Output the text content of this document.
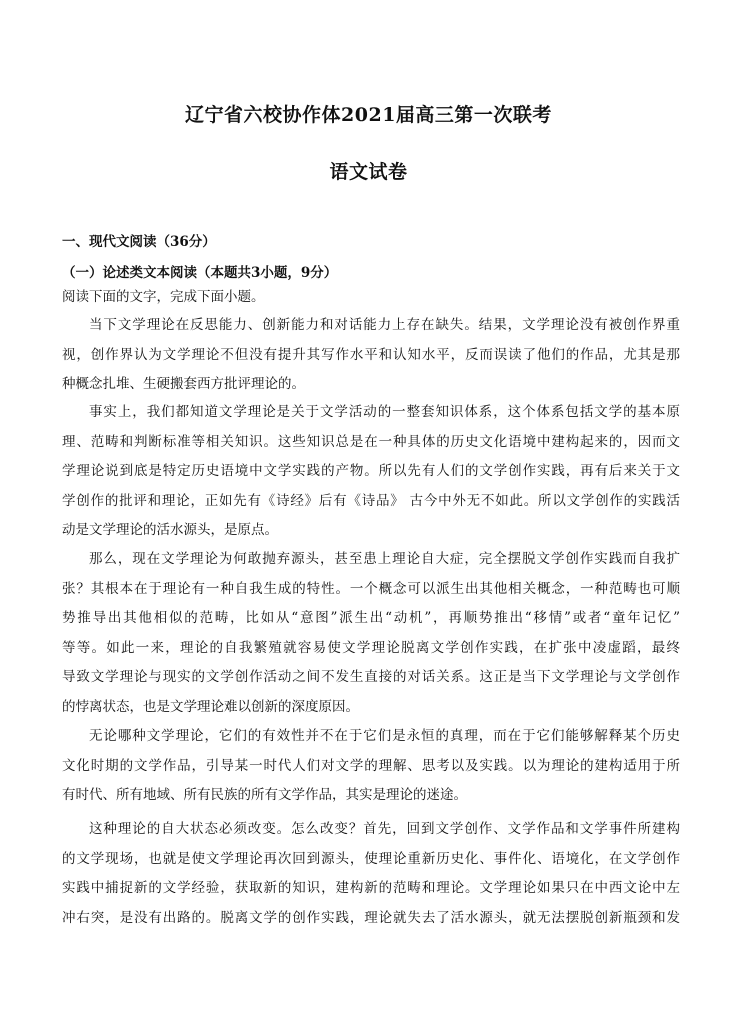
辽宁省六校协作体2021届高三第一次联考
语文试卷
一、现代文阅读（36分）
（一）论述类文本阅读（本题共3小题，9分）
阅读下面的文字，完成下面小题。
当下文学理论在反思能力、创新能力和对话能力上存在缺失。结果，文学理论没有被创作界重
视，创作界认为文学理论不但没有提升其写作水平和认知水平，反而误读了他们的作品，尤其是那
种概念扎堆、生硬搬套西方批评理论的。
事实上，我们都知道文学理论是关于文学活动的一整套知识体系，这个体系包括文学的基本原
理、范畴和判断标准等相关知识。这些知识总是在一种具体的历史文化语境中建构起来的，因而文
学理论说到底是特定历史语境中文学实践的产物。所以先有人们的文学创作实践，再有后来关于文
学创作的批评和理论，正如先有《诗经》后有《诗品》 古今中外无不如此。所以文学创作的实践活
动是文学理论的活水源头，是原点。
那么，现在文学理论为何敢抛弃源头，甚至患上理论自大症，完全摆脱文学创作实践而自我扩
张？其根本在于理论有一种自我生成的特性。一个概念可以派生出其他相关概念，一种范畴也可顺
势推导出其他相似的范畴，比如从“意图”派生出“动机”，再顺势推出“移情”或者“童年记忆”
等等。如此一来，理论的自我繁殖就容易使文学理论脱离文学创作实践，在扩张中凌虚蹈，最终
导致文学理论与现实的文学创作活动之间不发生直接的对话关系。这正是当下文学理论与文学创作
的悖离状态，也是文学理论难以创新的深度原因。
无论哪种文学理论，它们的有效性并不在于它们是永恒的真理，而在于它们能够解释某个历史
文化时期的文学作品，引导某一时代人们对文学的理解、思考以及实践。以为理论的建构适用于所
有时代、所有地域、所有民族的所有文学作品，其实是理论的迷途。
这种理论的自大状态必须改变。怎么改变？首先，回到文学创作、文学作品和文学事件所建构
的文学现场，也就是使文学理论再次回到源头，使理论重新历史化、事件化、语境化，在文学创作
实践中捕捉新的文学经验，获取新的知识，建构新的范畴和理论。文学理论如果只在中西文论中左
冲右突，是没有出路的。脱离文学的创作实践，理论就失去了活水源头，就无法摆脱创新瓶颈和发
